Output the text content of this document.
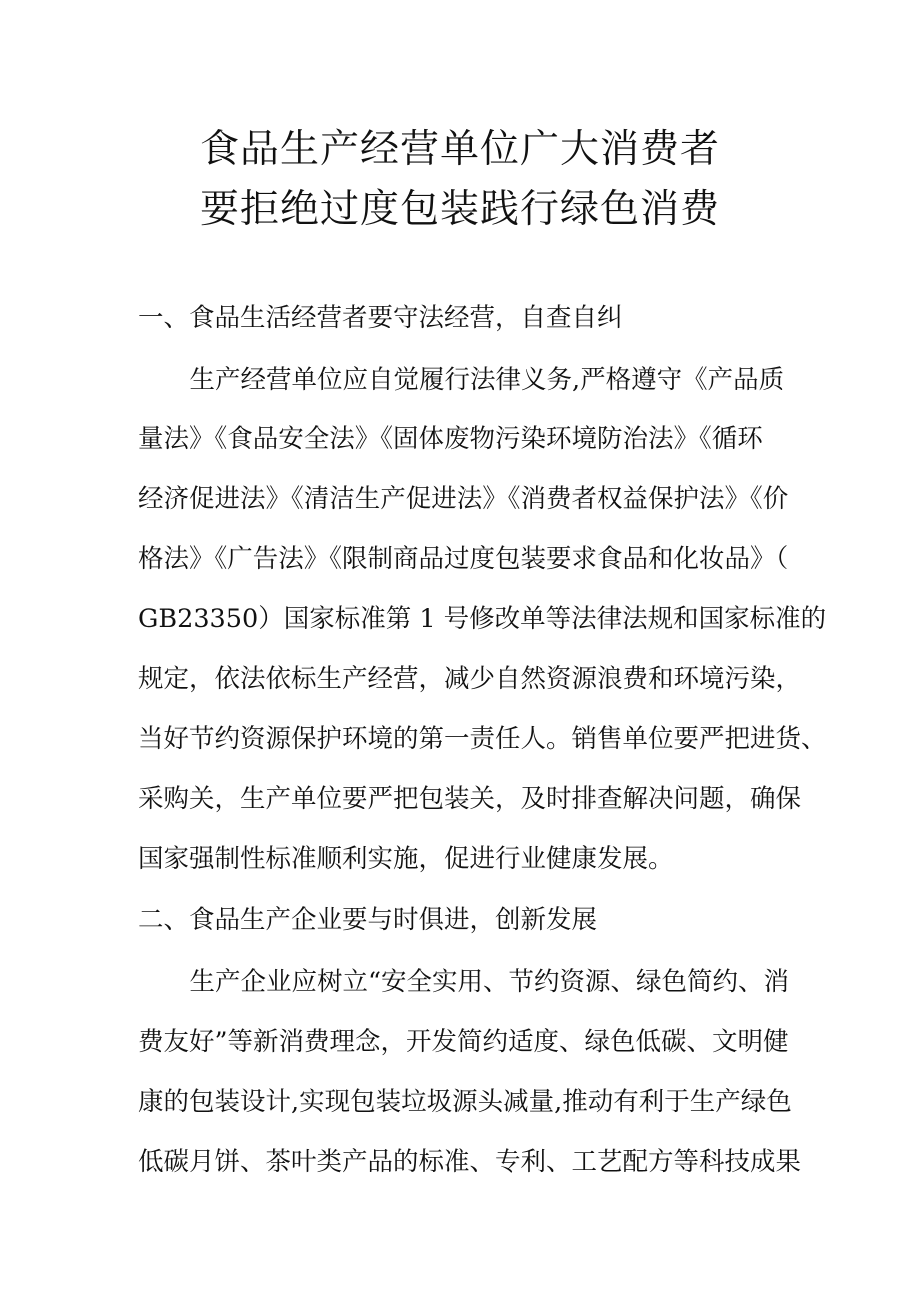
食品生产经营单位广大消费者
要拒绝过度包装践行绿色消费

一、食品生活经营者要守法经营，自查自纠

　生产经营单位应自觉履行法律义务,严格遵守《产品质

量法》《食品安全法》《固体废物污染环境防治法》《循环

经济促进法》《清洁生产促进法》《消费者权益保护法》《价

格法》《广告法》《限制商品过度包装要求食品和化妆品》（

GB23350）国家标准第 1 号修改单等法律法规和国家标准的

规定，依法依标生产经营，减少自然资源浪费和环境污染，

当好节约资源保护环境的第一责任人。销售单位要严把进货、

采购关，生产单位要严把包装关，及时排查解决问题，确保

国家强制性标准顺利实施，促进行业健康发展。

二、食品生产企业要与时俱进，创新发展

　生产企业应树立“安全实用、节约资源、绿色简约、消

费友好”等新消费理念，开发简约适度、绿色低碳、文明健

康的包装设计,实现包装垃圾源头减量,推动有利于生产绿色

低碳月饼、茶叶类产品的标准、专利、工艺配方等科技成果
